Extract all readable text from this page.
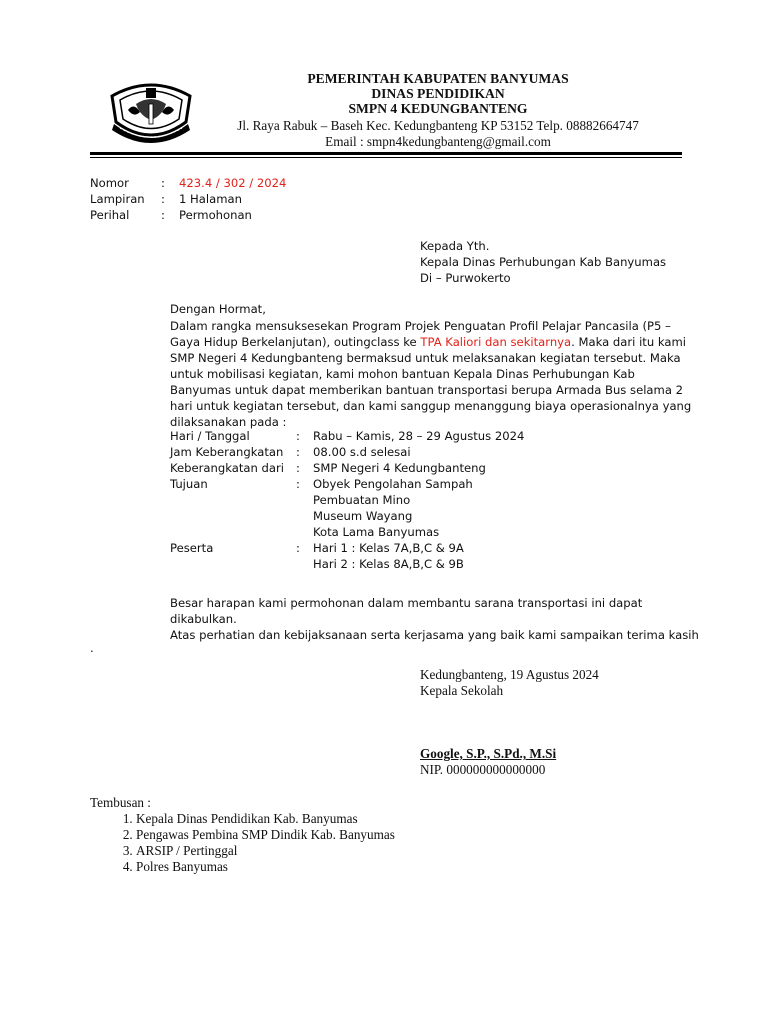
PEMERINTAH KABUPATEN BANYUMAS
DINAS PENDIDIKAN
SMPN 4 KEDUNGBANTENG
Jl. Raya Rabuk – Baseh Kec. Kedungbanteng KP 53152 Telp. 08882664747
Email : smpn4kedungbanteng@gmail.com
Nomor	: 423.4 / 302 / 2024
Lampiran : 1 Halaman
Perihal	: Permohonan
Kepada Yth.
Kepala Dinas Perhubungan Kab Banyumas
Di – Purwokerto
Dengan Hormat,
Dalam rangka mensuksesekan Program Projek Penguatan Profil Pelajar Pancasila (P5 –
Gaya Hidup Berkelanjutan), outingclass ke TPA Kaliori dan sekitarnya. Maka dari itu kami
SMP Negeri 4 Kedungbanteng bermaksud untuk melaksanakan kegiatan tersebut. Maka
untuk mobilisasi kegiatan, kami mohon bantuan Kepala Dinas Perhubungan Kab
Banyumas untuk dapat memberikan bantuan transportasi berupa Armada Bus selama 2
hari untuk kegiatan tersebut, dan kami sanggup menanggung biaya operasionalnya yang
dilaksanakan pada :
Hari / Tanggal	: Rabu – Kamis, 28 – 29 Agustus 2024
Jam Keberangkatan : 08.00 s.d selesai
Keberangkatan dari : SMP Negeri 4 Kedungbanteng
Tujuan	: Obyek Pengolahan Sampah
Pembuatan Mino
Museum Wayang
Kota Lama Banyumas
Peserta	: Hari 1 : Kelas 7A,B,C & 9A
Hari 2 : Kelas 8A,B,C & 9B
Besar harapan kami permohonan dalam membantu sarana transportasi ini dapat
dikabulkan.
Atas perhatian dan kebijaksanaan serta kerjasama yang baik kami sampaikan terima kasih
.
Kedungbanteng, 19 Agustus 2024
Kepala Sekolah
Google, S.P., S.Pd., M.Si
NIP. 000000000000000
Tembusan :
1. Kepala Dinas Pendidikan Kab. Banyumas
2. Pengawas Pembina SMP Dindik Kab. Banyumas
3. ARSIP / Pertinggal
4. Polres Banyumas
